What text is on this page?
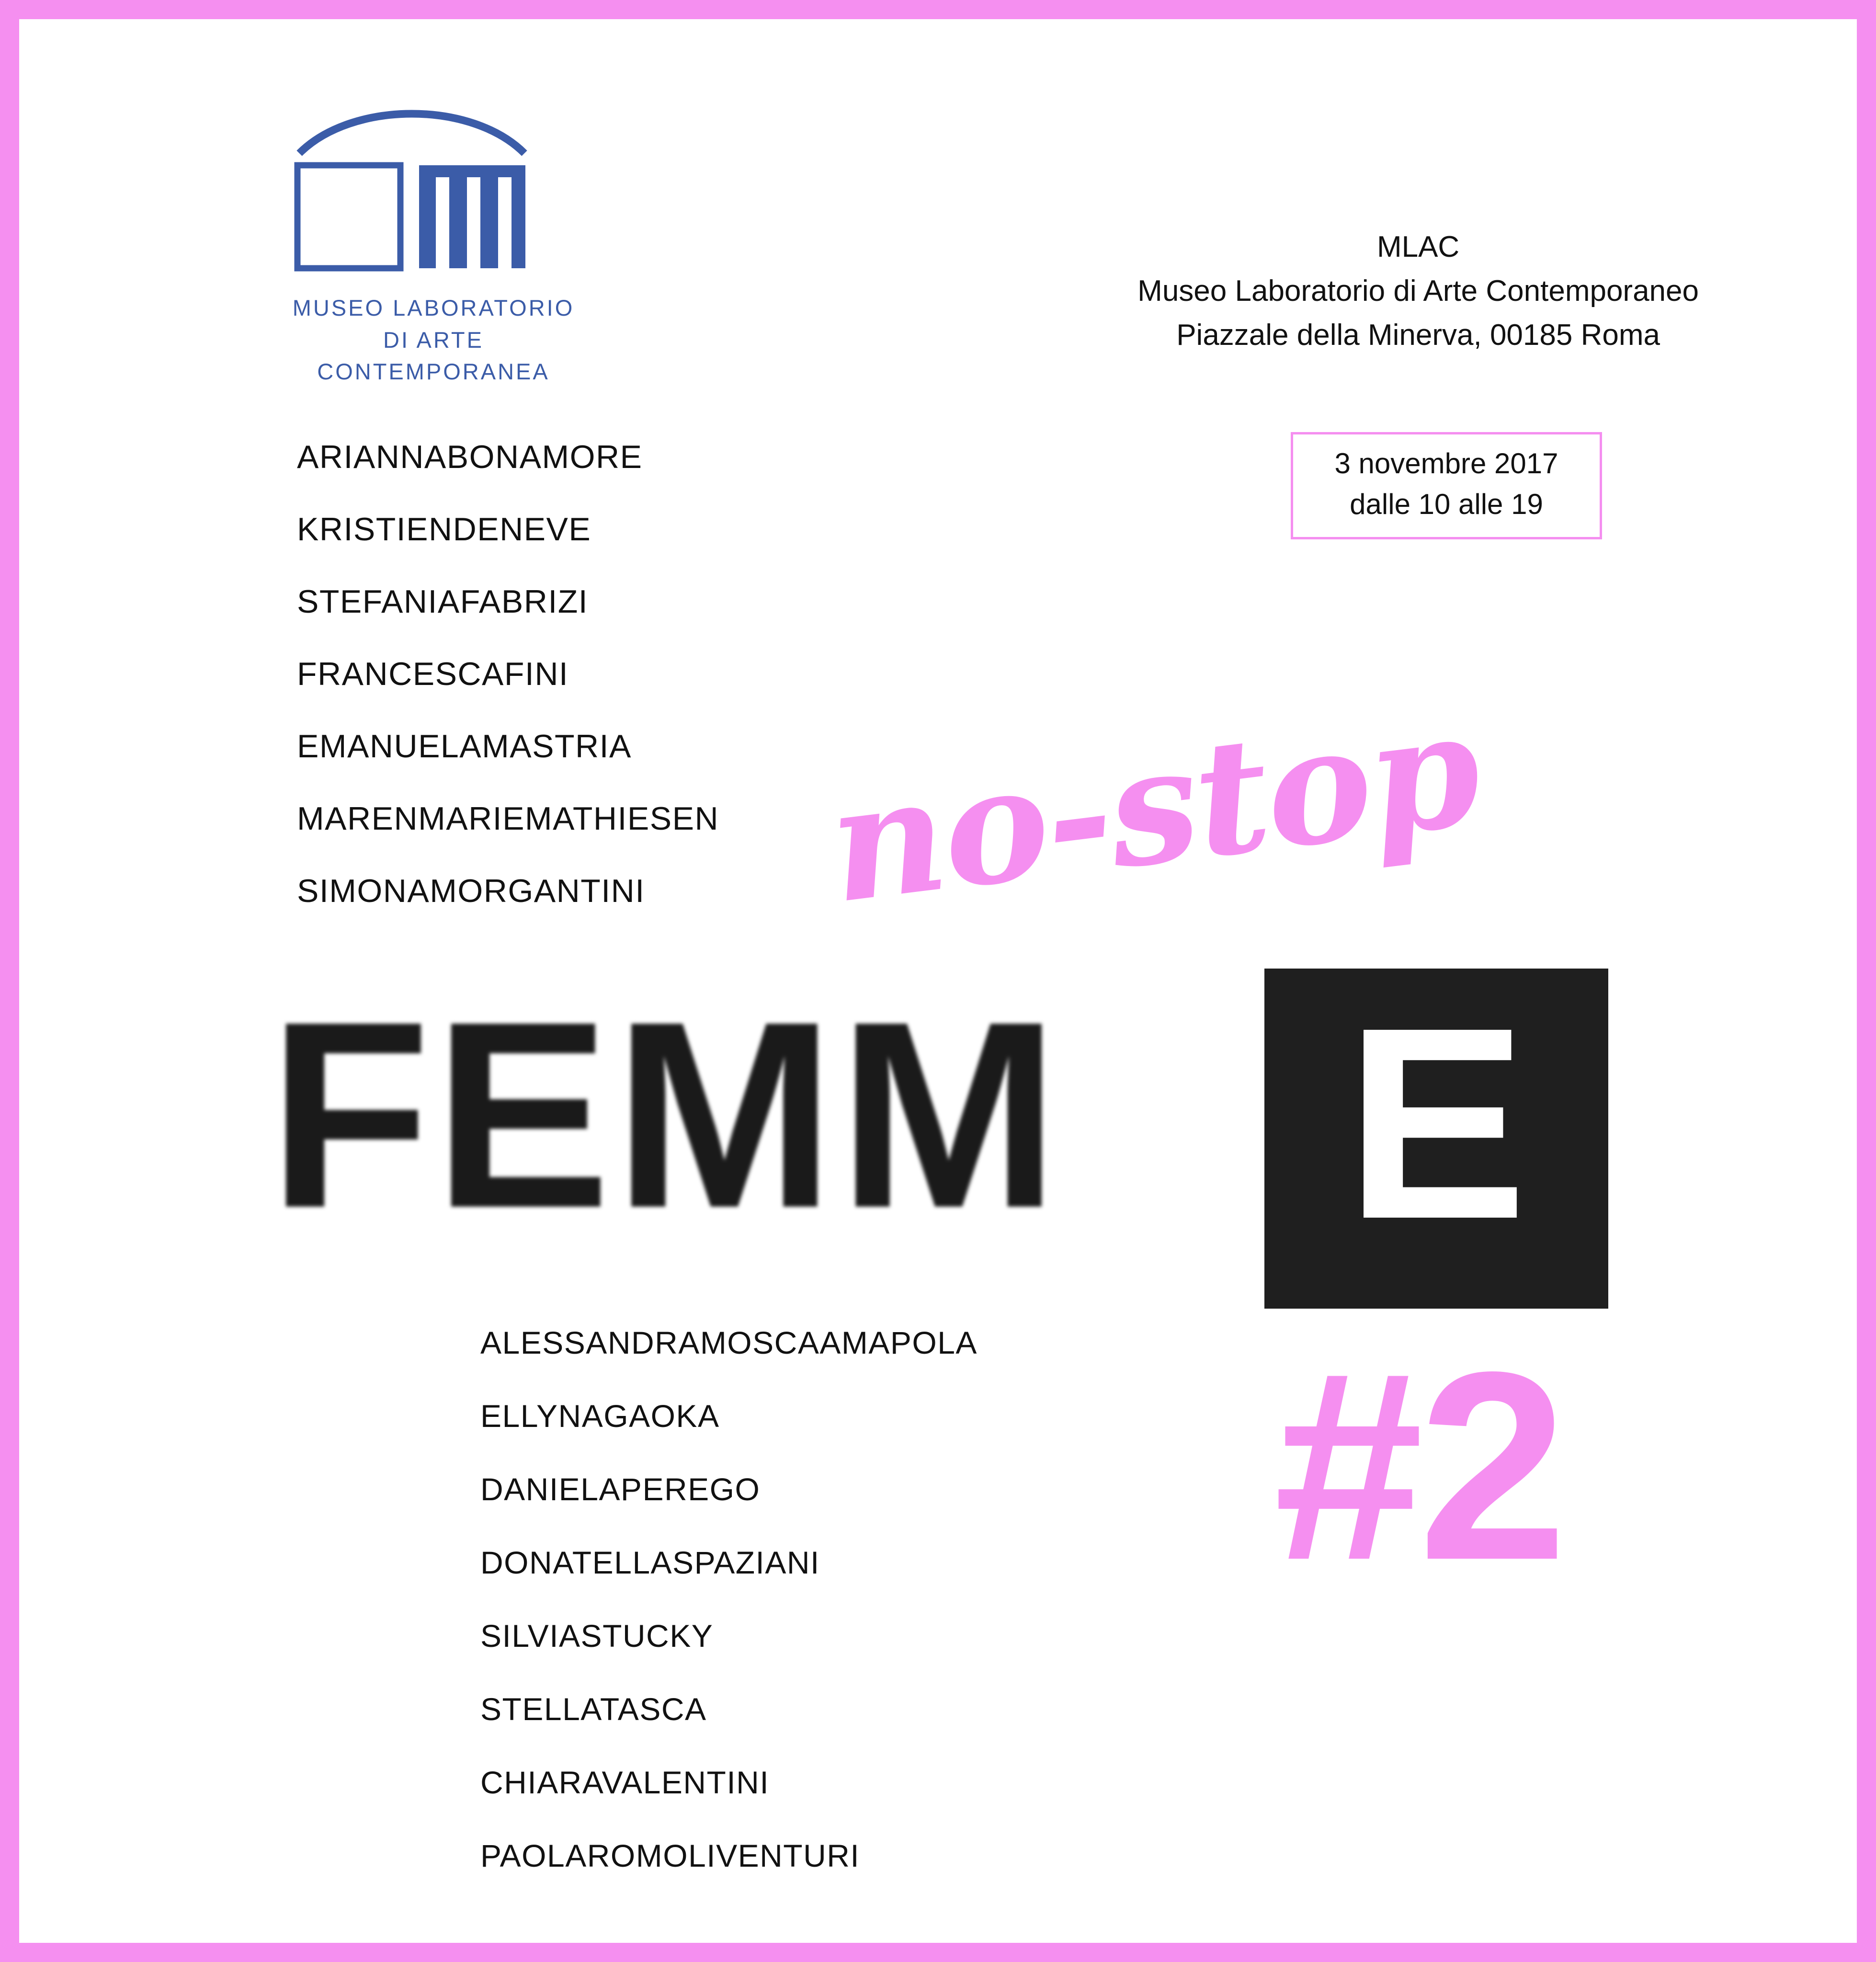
MUSEO LABORATORIO
DI ARTE CONTEMPORANEA
MLAC
Museo Laboratorio di Arte Contemporaneo
Piazzale della Minerva, 00185 Roma
3 novembre 2017
dalle 10 alle 19
ARIANNABONAMORE
KRISTIENDENEVE
STEFANIAFABRIZI
FRANCESCAFINI
EMANUELAMASTRIA
MARENMARIEMATHIESEN
SIMONAMORGANTINI	no-stop
FEMM E
#2
ALESSANDRAMOSCAAMAPOLA
ELLYNAGAOKA
DANIELAPEREGO
DONATELLASPAZIANI
SILVIASTUCKY
STELLATASCA
CHIARAVALENTINI
PAOLAROMOLIVENTURI
